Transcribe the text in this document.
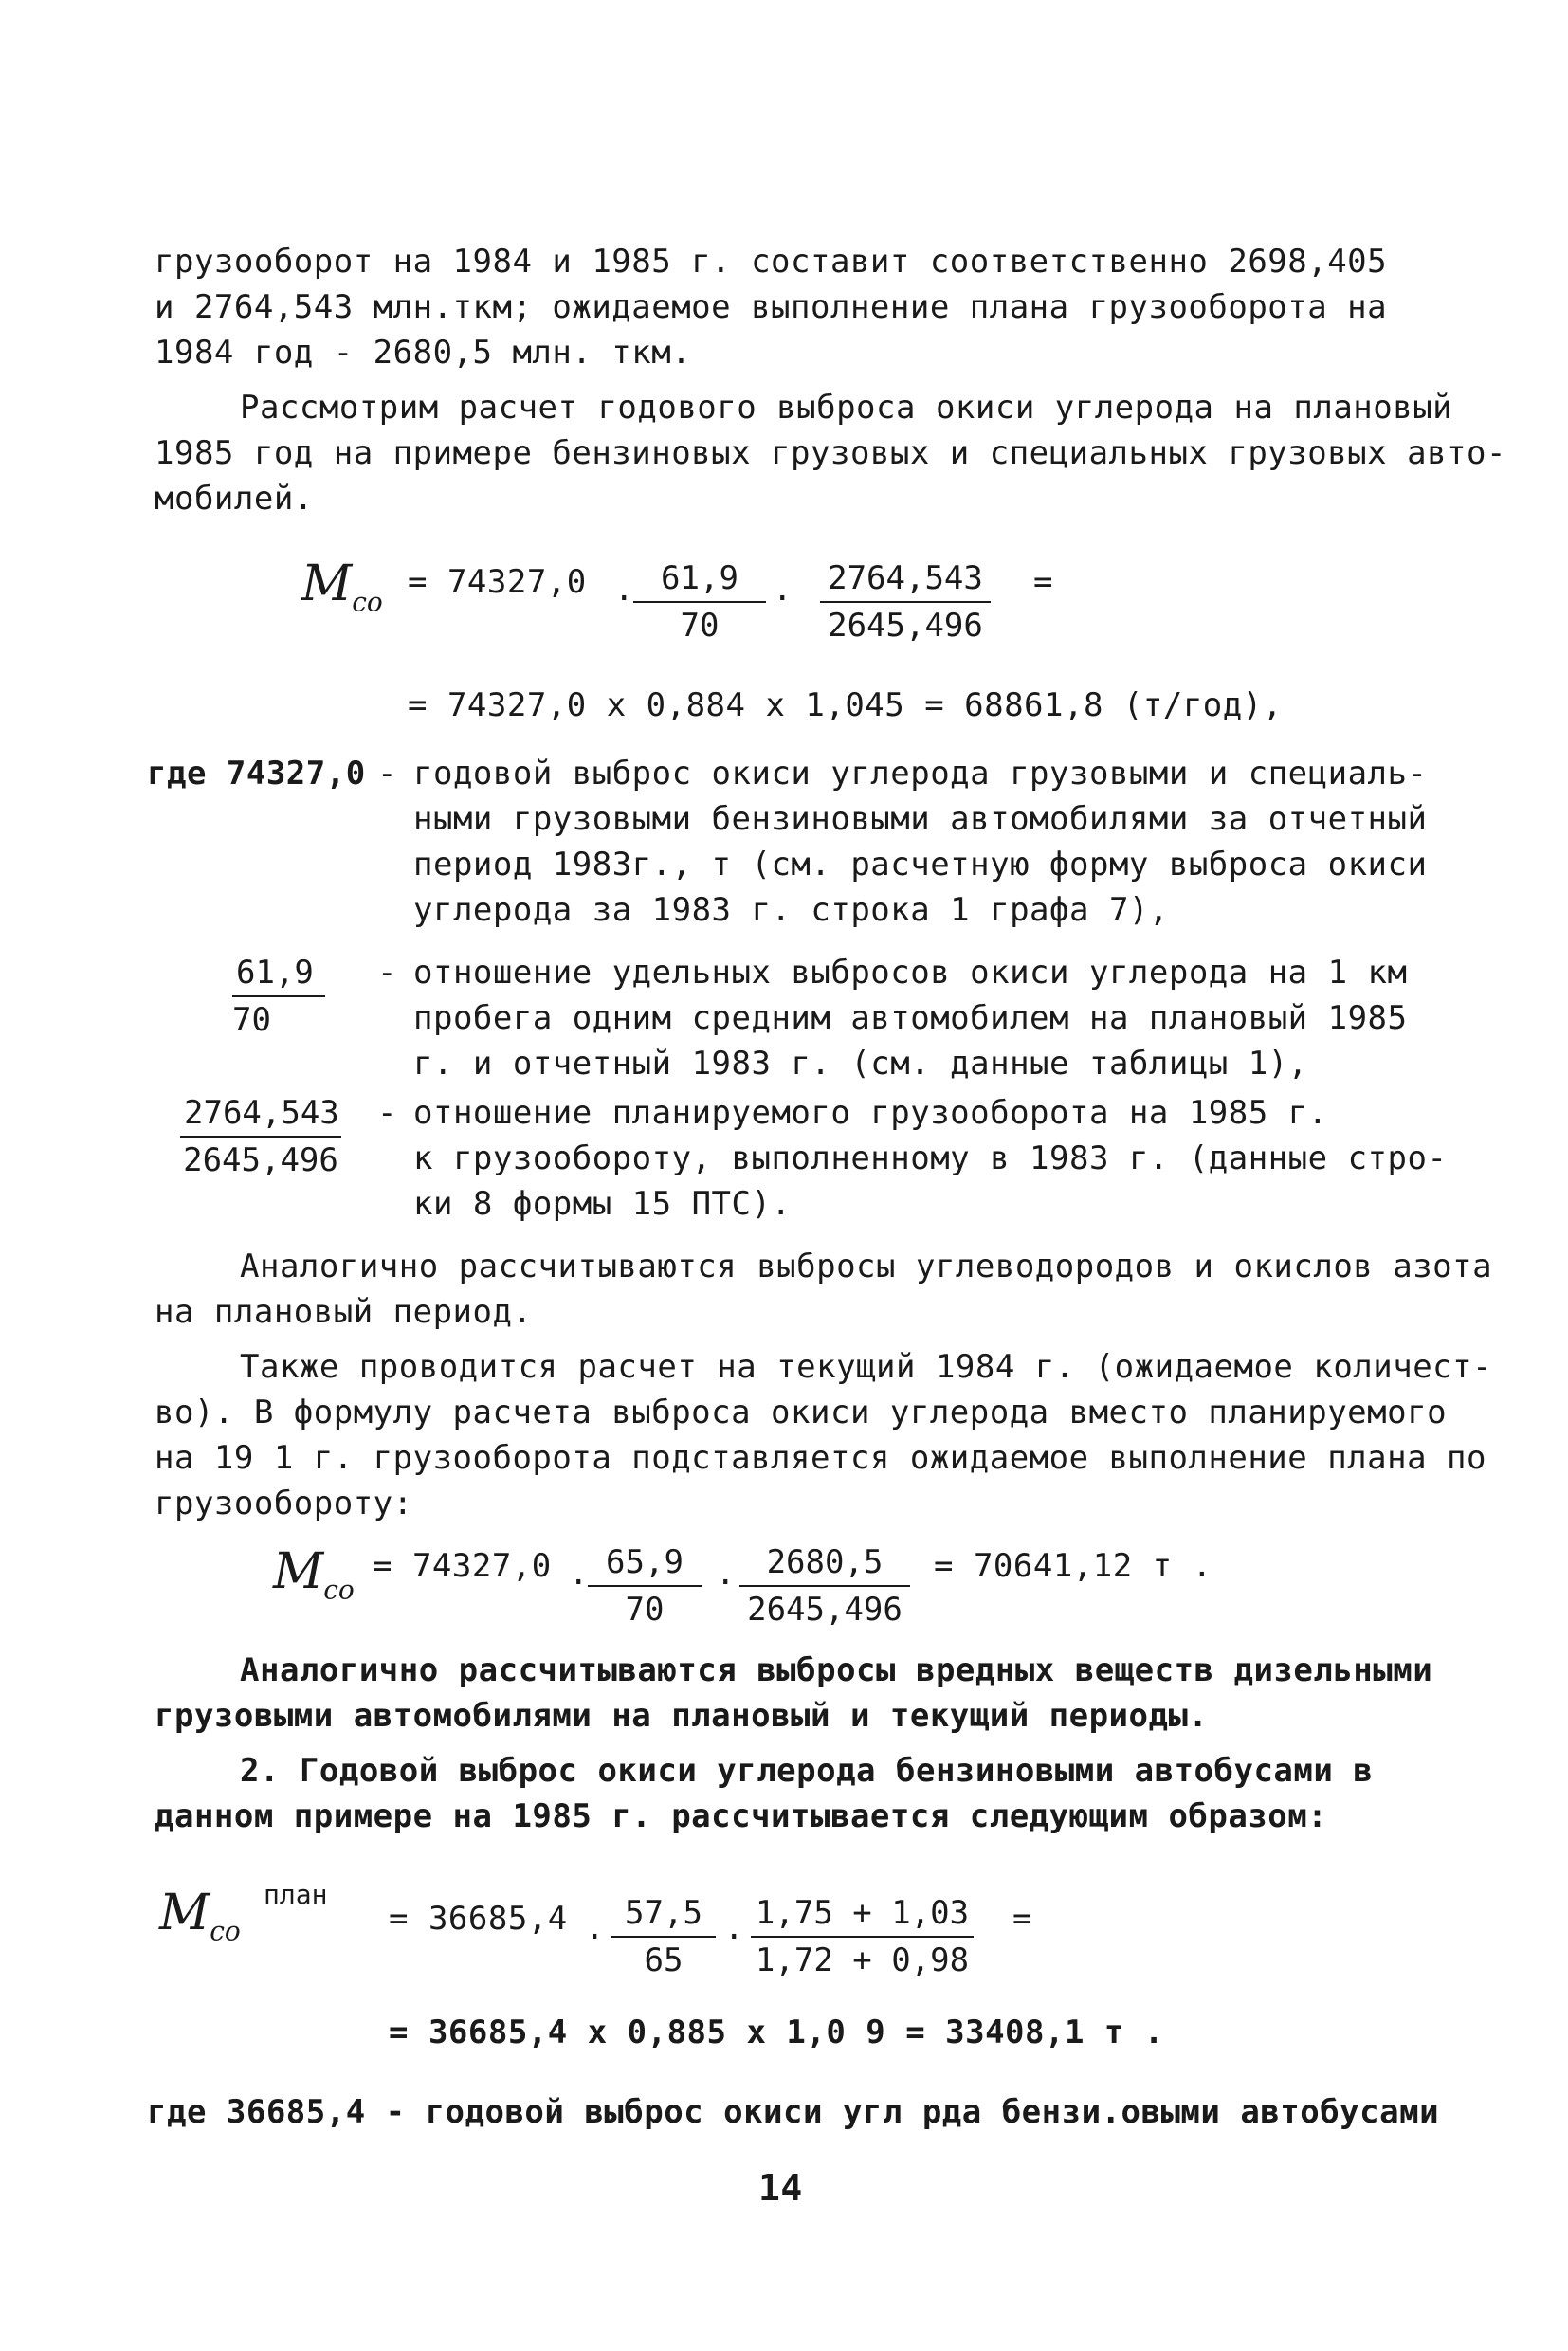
грузооборот на 1984 и 1985 г. составит соответственно 2698,405
и 2764,543 млн.ткм; ожидаемое выполнение плана грузооборота на
1984 год - 2680,5 млн. ткм.
Рассмотрим расчет годового выброса окиси углерода на плановый
1985 год на примере бензиновых грузовых и специальных грузовых авто-
мобилей.
$M_{co}$
= 74327,0 . $\frac{61,9}{70}$ . $\frac{2764,543}{2645,496}$ =
= 74327,0 x 0,884 x 1,045 = 68861,8 (т/год),
где 74327,0 - годовой выброс окиси углерода грузовыми и специаль-
ными грузовыми бензиновыми автомобилями за отчетный
период 1983г., т (см. расчетную форму выброса окиси
углерода за 1983 г. строка 1 графа 7),
$\frac{61,9}{70}$ - отношение удельных выбросов окиси углерода на 1 км
пробега одним средним автомобилем на плановый 1985
г. и отчетный 1983 г. (см. данные таблицы 1),
$\frac{2764,543}{2645,496}$ - отношение планируемого грузооборота на 1985 г.
к грузообороту, выполненному в 1983 г. (данные стро-
ки 8 формы 15 ПТС).
Аналогично рассчитываются выбросы углеводородов и окислов азота
на плановый период.
Также проводится расчет на текущий 1984 г. (ожидаемое количест-
во). В формулу расчета выброса окиси углерода вместо планируемого
на 19 1 г. грузооборота подставляется ожидаемое выполнение плана по
грузообороту:
$M_{co}$
= 74327,0 . $\frac{65,9}{70}$ . $\frac{2680,5}{2645,496} = 70641,12$ т .
Аналогично рассчитываются выбросы вредных веществ дизельными
грузовыми автомобилями на плановый и текущий периоды.
2. Годовой выброс окиси углерода бензиновыми автобусами в
данном примере на 1985 г. рассчитывается следующим образом:
$M_{co}$
план
= 36685,4 . $\frac{57,5}{65}$ . $\frac{1,75 + 1,03}{1,72 + 0,98}$ =
= 36685,4 x 0,885 x 1,0 9 = 33408,1 т .
где 36685,4 - годовой выброс окиси угл рда бензи.овыми автобусами
14
